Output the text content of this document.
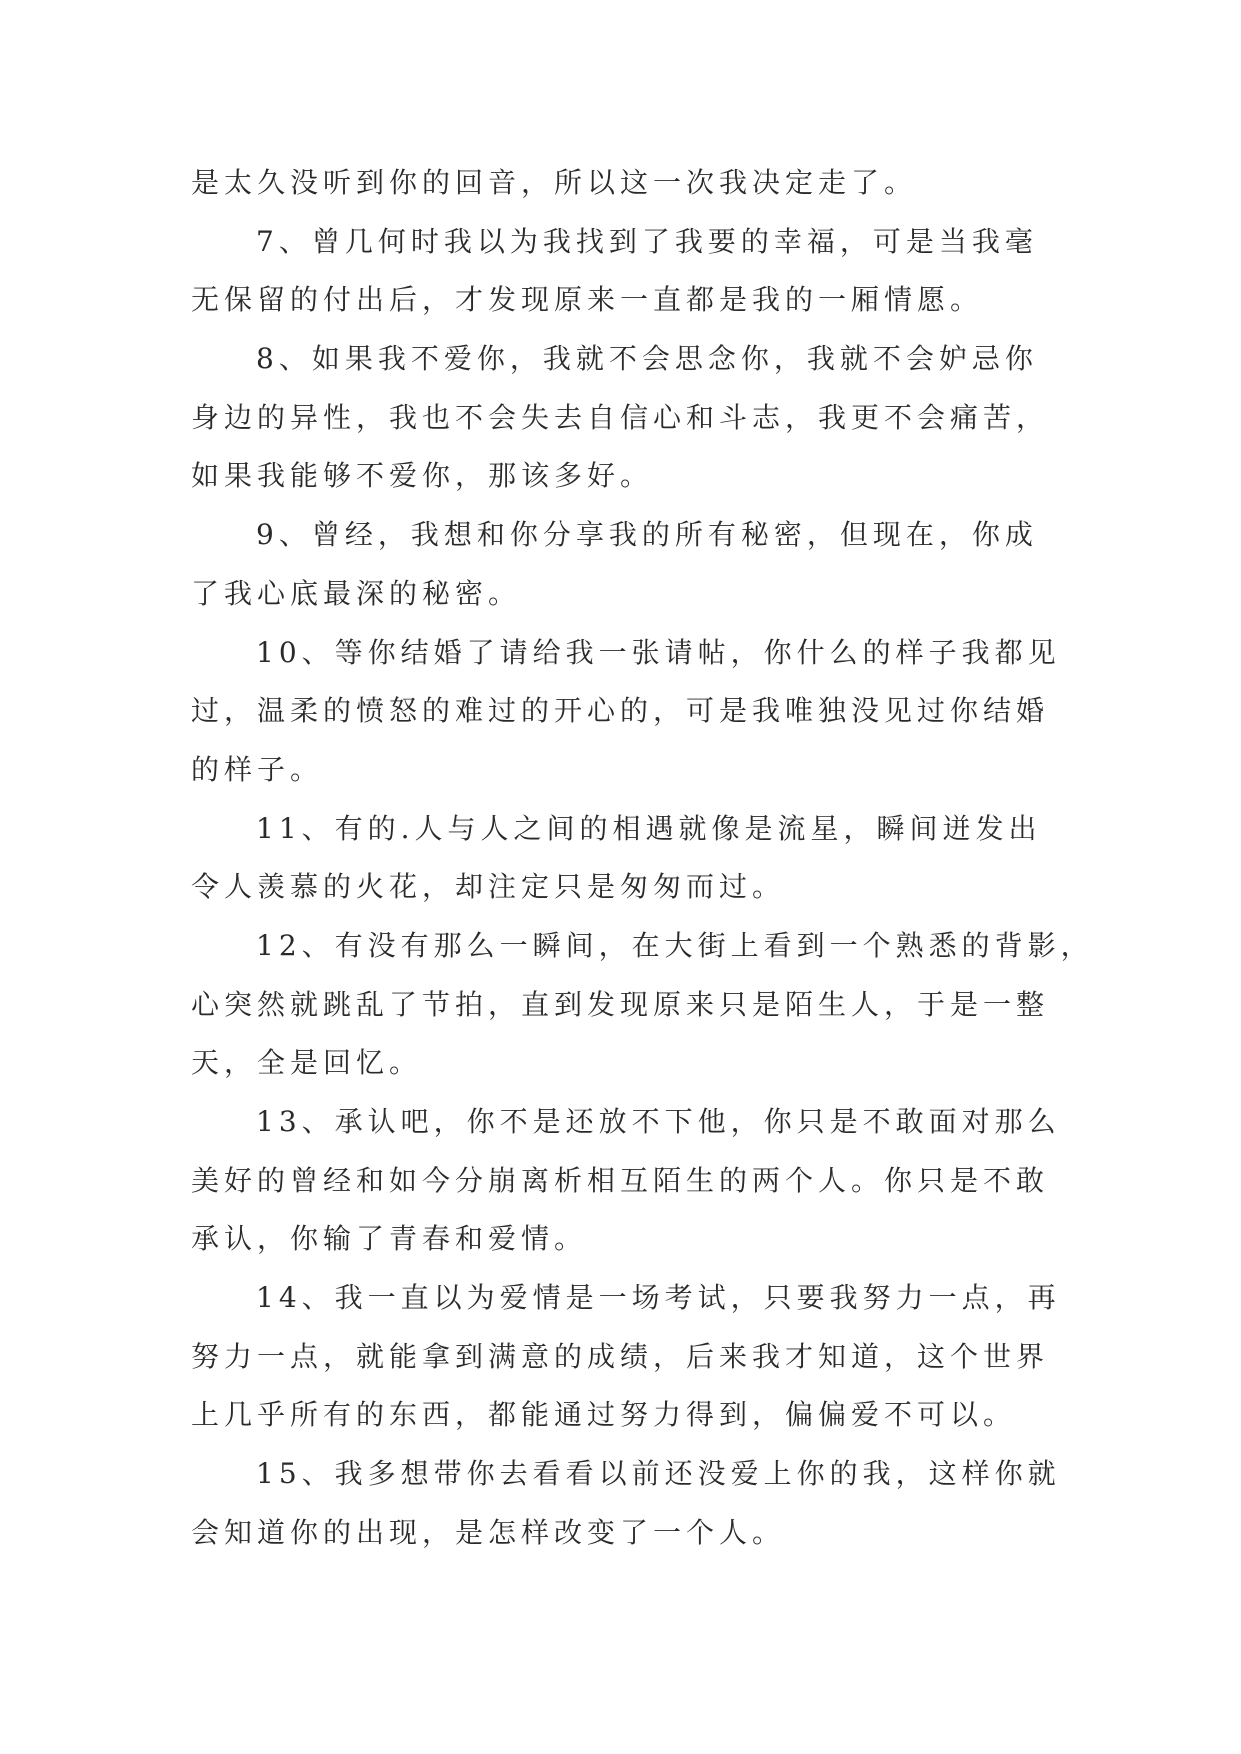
是太久没听到你的回音，所以这一次我决定走了。
7、曾几何时我以为我找到了我要的幸福，可是当我毫
无保留的付出后，才发现原来一直都是我的一厢情愿。
8、如果我不爱你，我就不会思念你，我就不会妒忌你
身边的异性，我也不会失去自信心和斗志，我更不会痛苦，
如果我能够不爱你，那该多好。
9、曾经，我想和你分享我的所有秘密，但现在，你成
了我心底最深的秘密。
10、等你结婚了请给我一张请帖，你什么的样子我都见
过，温柔的愤怒的难过的开心的，可是我唯独没见过你结婚
的样子。
11、有的.人与人之间的相遇就像是流星，瞬间迸发出
令人羡慕的火花，却注定只是匆匆而过。
12、有没有那么一瞬间，在大街上看到一个熟悉的背影，
心突然就跳乱了节拍，直到发现原来只是陌生人，于是一整
天，全是回忆。
13、承认吧，你不是还放不下他，你只是不敢面对那么
美好的曾经和如今分崩离析相互陌生的两个人。你只是不敢
承认，你输了青春和爱情。
14、我一直以为爱情是一场考试，只要我努力一点，再
努力一点，就能拿到满意的成绩，后来我才知道，这个世界
上几乎所有的东西，都能通过努力得到，偏偏爱不可以。
15、我多想带你去看看以前还没爱上你的我，这样你就
会知道你的出现，是怎样改变了一个人。
